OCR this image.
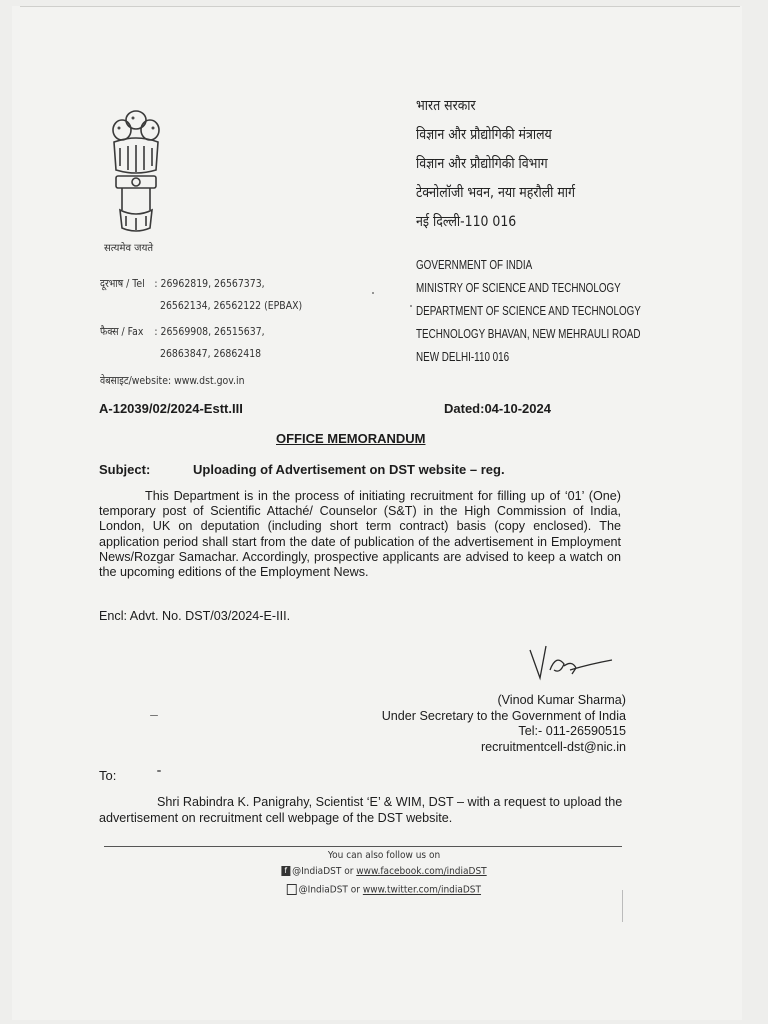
सत्यमेव जयते
भारत सरकार
विज्ञान और प्रौद्योगिकी मंत्रालय
विज्ञान और प्रौद्योगिकी विभाग
टेक्नोलॉजी भवन, नया महरौली मार्ग
नई दिल्ली-110 016
GOVERNMENT OF INDIA
MINISTRY OF SCIENCE AND TECHNOLOGY
DEPARTMENT OF SCIENCE AND TECHNOLOGY
TECHNOLOGY BHAVAN, NEW MEHRAULI ROAD
NEW DELHI-110 016
दूरभाष / Tel : 26962819, 26567373,
26562134, 26562122 (EPBAX)
फैक्स / Fax : 26569908, 26515637,
26863847, 26862418
वेबसाइट/website: www.dst.gov.in
A-12039/02/2024-Estt.III	Dated:04-10-2024
OFFICE MEMORANDUM
Subject:	Uploading of Advertisement on DST website – reg.
This Department is in the process of initiating recruitment for filling up of ‘01’ (One) temporary post of Scientific Attaché/ Counselor (S&T) in the High Commission of India, London, UK on deputation (including short term contract) basis (copy enclosed). The application period shall start from the date of publication of the advertisement in Employment News/Rozgar Samachar. Accordingly, prospective applicants are advised to keep a watch on the upcoming editions of the Employment News.
Encl: Advt. No. DST/03/2024-E-III.
(Vinod Kumar Sharma)
Under Secretary to the Government of India
Tel:- 011-26590515
recruitmentcell-dst@nic.in
To:
Shri Rabindra K. Panigrahy, Scientist ‘E’ & WIM, DST – with a request to upload the advertisement on recruitment cell webpage of the DST website.
You can also follow us on
f @IndiaDST or www.facebook.com/indiaDST
@IndiaDST or www.twitter.com/indiaDST
